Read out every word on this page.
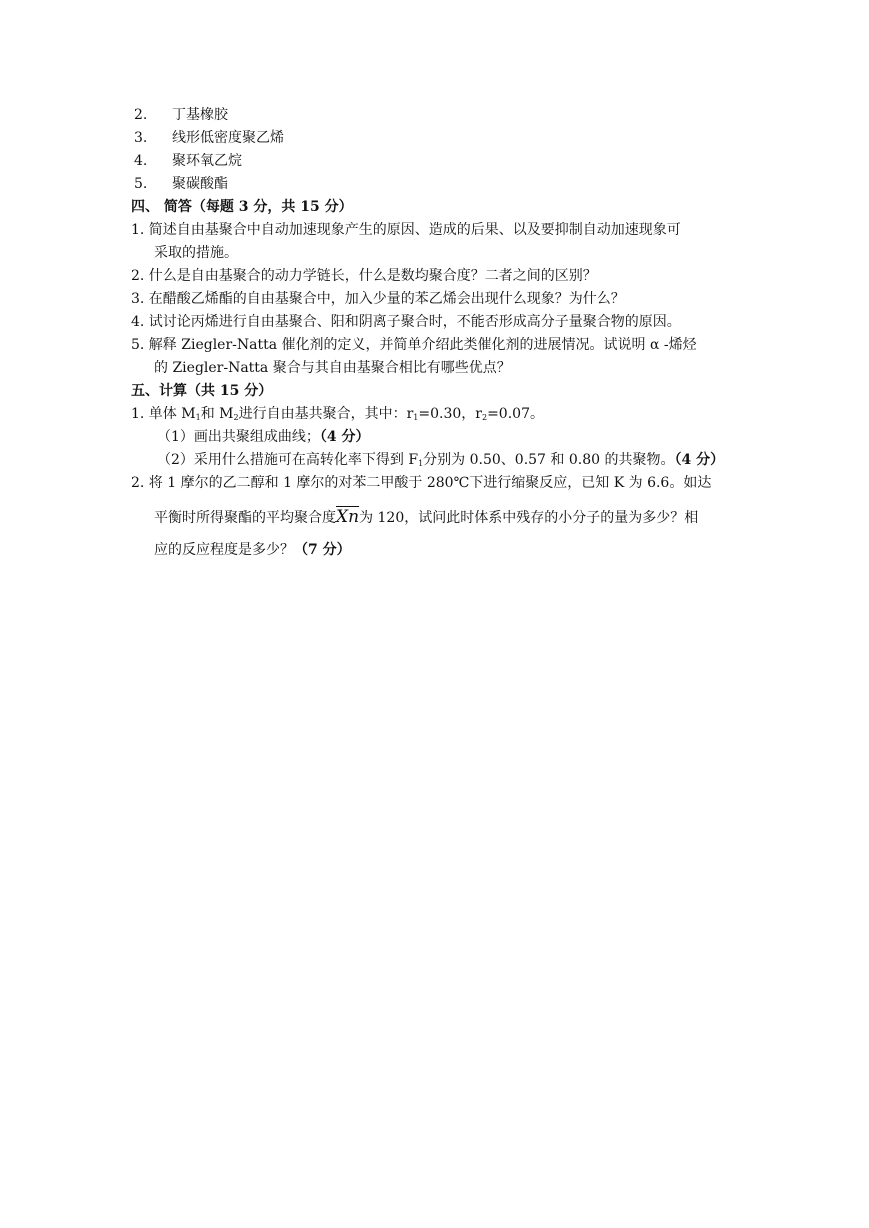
2. 丁基橡胶
3. 线形低密度聚乙烯
4. 聚环氧乙烷
5. 聚碳酸酯
四、 简答（每题 3 分，共 15 分）
1. 简述自由基聚合中自动加速现象产生的原因、造成的后果、以及要抑制自动加速现象可
采取的措施。
2. 什么是自由基聚合的动力学链长，什么是数均聚合度？二者之间的区别？
3. 在醋酸乙烯酯的自由基聚合中，加入少量的苯乙烯会出现什么现象？为什么？
4. 试讨论丙烯进行自由基聚合、阳和阴离子聚合时，不能否形成高分子量聚合物的原因。
5. 解释 Ziegler-Natta 催化剂的定义，并简单介绍此类催化剂的进展情况。试说明 α -烯烃
的 Ziegler-Natta 聚合与其自由基聚合相比有哪些优点？
五、计算（共 15 分）
1. 单体 $M_1$和 $M_2$进行自由基共聚合，其中：$r_1=0.30$，$r_2=0.07$。
（1）画出共聚组成曲线；（4 分）
（2）采用什么措施可在高转化率下得到 $F_1$分别为 0.50、0.57 和 0.80 的共聚物。（4 分）
2. 将 1 摩尔的乙二醇和 1 摩尔的对苯二甲酸于 280℃下进行缩聚反应，已知 K 为 6.6。如达
平衡时所得聚酯的平均聚合度$\overline{Xn}$为 120，试问此时体系中残存的小分子的量为多少？相
应的反应程度是多少？（7 分）
